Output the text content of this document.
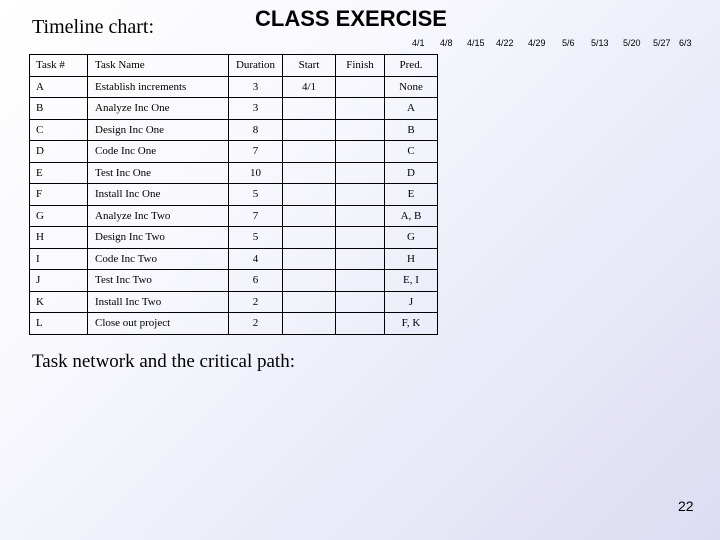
Timeline chart:	CLASS EXERCISE
4/1 4/8 4/15 4/22 4/29 5/6 5/13 5/20 5/27 6/3
Task #	Task Name	Duration	Start	Finish	Pred.
A	Establish increments	3	4/1		None
B	Analyze Inc One	3			A
C	Design Inc One	8			B
D	Code Inc One	7			C
E	Test Inc One	10			D
F	Install Inc One	5			E
G	Analyze Inc Two	7			A, B
H	Design Inc Two	5			G
I	Code Inc Two	4			H
J	Test Inc Two	6			E, I
K	Install Inc Two	2			J
L	Close out project	2			F, K
Task network and the critical path:
22
